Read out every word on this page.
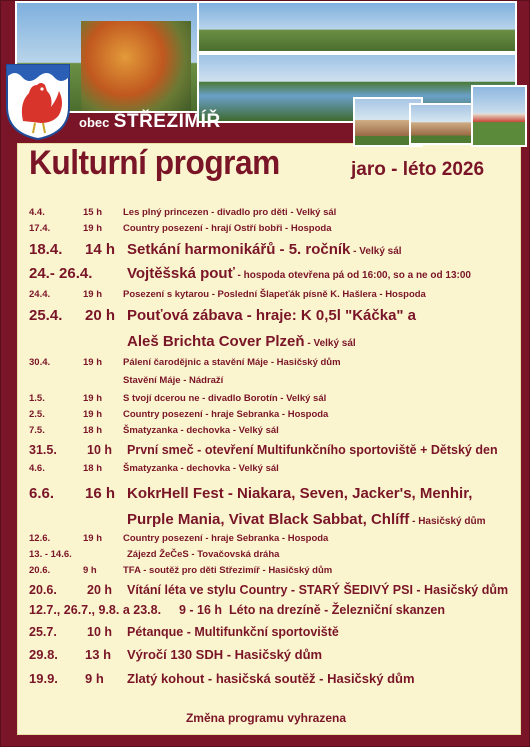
obec STŘEZIMÍŘ
Kulturní program	jaro - léto 2026
4.4.	15 h Les plný princezen - divadlo pro děti - Velký sál
17.4.	19 h Country posezení - hrají Ostří bobři - Hospoda
18.4. 14 h Setkání harmonikářů - 5. ročník - Velký sál
24.- 26.4. Vojtěšská pouť - hospoda otevřena pá od 16:00, so a ne od 13:00
24.4.	19 h Posezení s kytarou - Poslední Šlapeťák písně K. Hašlera - Hospoda
25.4. 20 h Pouťová zábava - hraje: K 0,5l "Káčka" a
Aleš Brichta Cover Plzeň - Velký sál
30.4.	19 h Pálení čarodějnic a stavění Máje - Hasičský dům
Stavění Máje - Nádraží
1.5.	19 h S tvojí dcerou ne - divadlo Borotín - Velký sál
2.5.	19 h Country posezení - hraje Sebranka - Hospoda
7.5.	18 h Šmatyzanka - dechovka - Velký sál
31.5. 10 h První smeč - otevření Multifunkčního sportoviště + Dětský den
4.6.	18 h Šmatyzanka - dechovka - Velký sál
6.6. 16 h KokrHell Fest - Niakara, Seven, Jacker's, Menhir,
Purple Mania, Vivat Black Sabbat, Chlíff - Hasičský dům
12.6.	19 h Country posezení - hraje Sebranka - Hospoda
13. - 14.6.	Zájezd ŽeČeS - Tovačovská dráha
20.6.	9 h	TFA - soutěž pro děti Střezimíř - Hasičský dům
20.6. 20 h Vítání léta ve stylu Country - STARÝ ŠEDIVÝ PSI - Hasičský dům
12.7., 26.7., 9.8. a 23.8. 9 - 16 h Léto na drezíně - Železniční skanzen
25.7. 10 h Pétanque - Multifunkční sportoviště
29.8. 13 h Výročí 130 SDH - Hasičský dům
19.9. 9 h Zlatý kohout - hasičská soutěž - Hasičský dům
Změna programu vyhrazena
